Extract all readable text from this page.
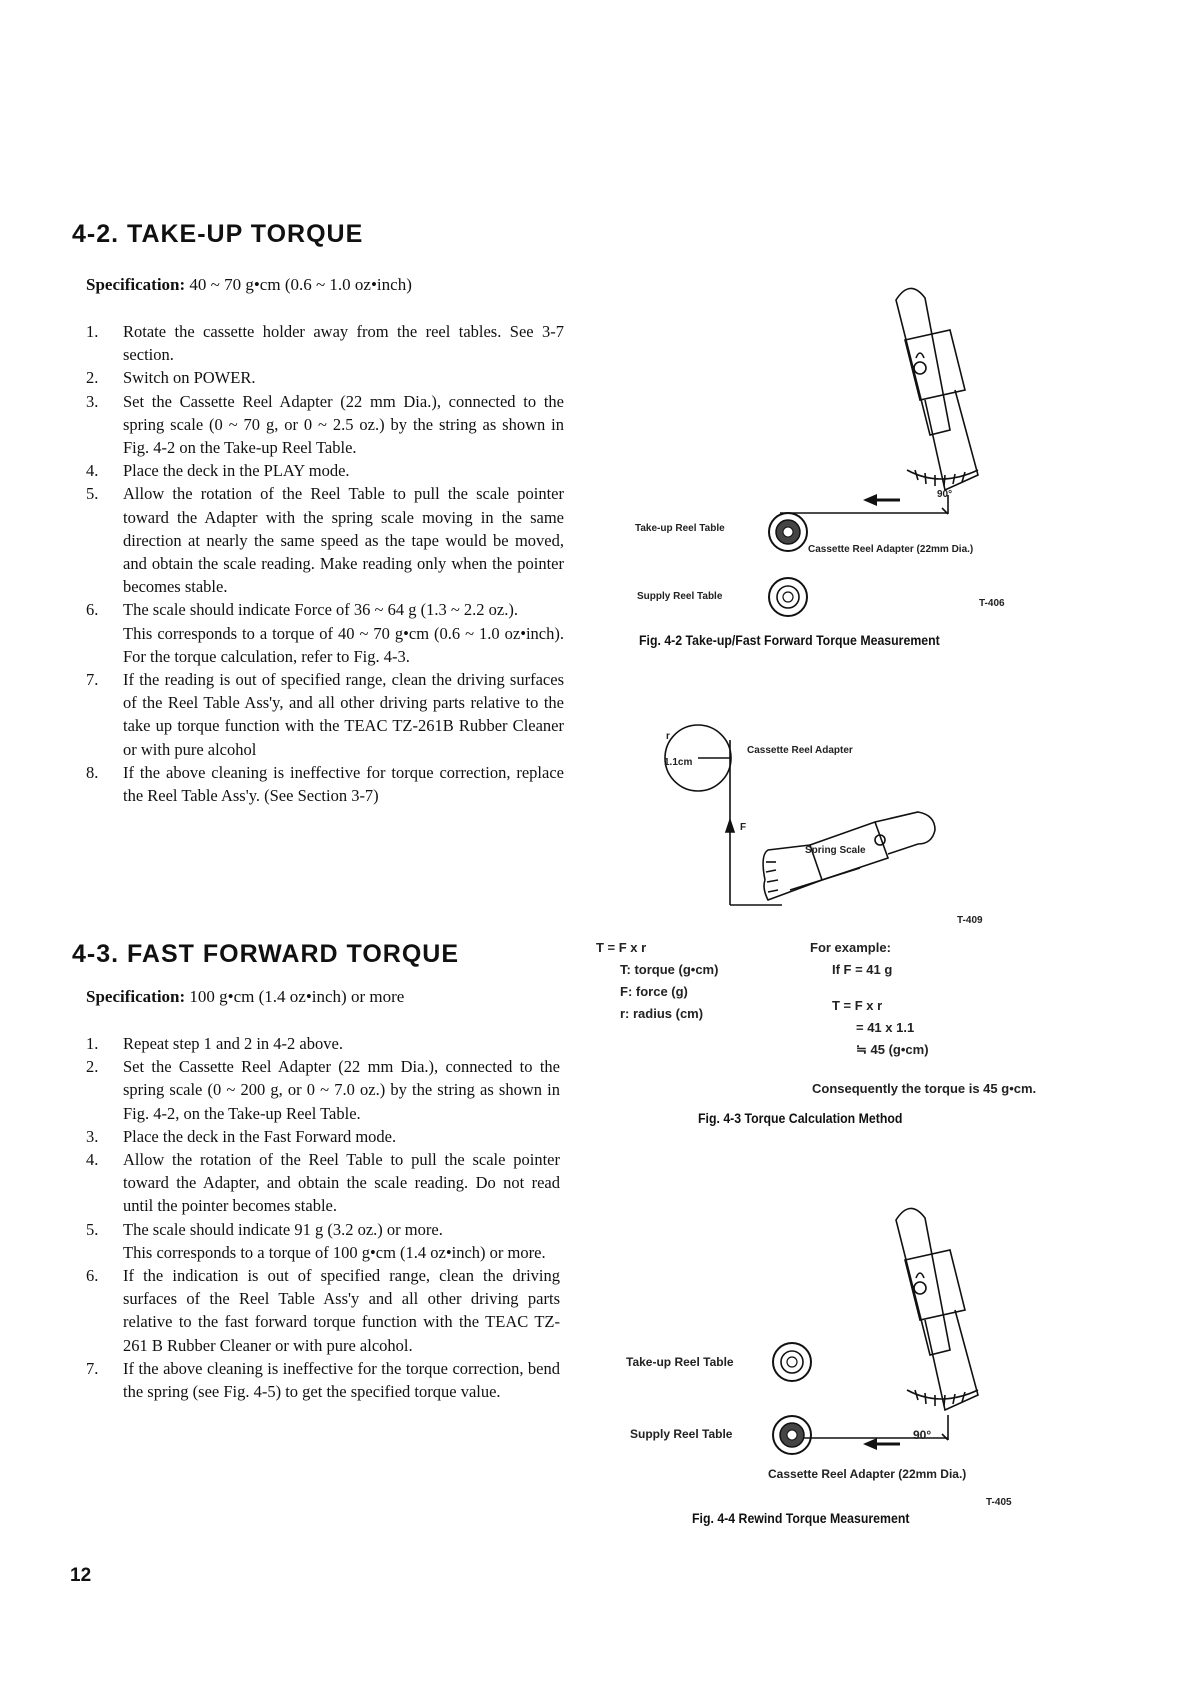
4-2. TAKE-UP TORQUE
Specification: 40 ~ 70 g•cm (0.6 ~ 1.0 oz•inch)
1. Rotate the cassette holder away from the reel tables. See 3-7 section.
2. Switch on POWER.
3. Set the Cassette Reel Adapter (22 mm Dia.), connected to the spring scale (0 ~ 70 g, or 0 ~ 2.5 oz.) by the string as shown in Fig. 4-2 on the Take-up Reel Table.
4. Place the deck in the PLAY mode.
5. Allow the rotation of the Reel Table to pull the scale pointer toward the Adapter with the spring scale moving in the same direction at nearly the same speed as the tape would be moved, and obtain the scale reading. Make reading only when the pointer becomes stable.
6. The scale should indicate Force of 36 ~ 64 g (1.3 ~ 2.2 oz.).
This corresponds to a torque of 40 ~ 70 g•cm (0.6 ~ 1.0 oz•inch). For the torque calculation, refer to Fig. 4-3.
7. If the reading is out of specified range, clean the driving surfaces of the Reel Table Ass'y, and all other driving parts relative to the take up torque function with the TEAC TZ-261B Rubber Cleaner or with pure alcohol
8. If the above cleaning is ineffective for torque correction, replace the Reel Table Ass'y. (See Section 3-7)
4-3. FAST FORWARD TORQUE
Specification: 100 g•cm (1.4 oz•inch) or more
1. Repeat step 1 and 2 in 4-2 above.
2. Set the Cassette Reel Adapter (22 mm Dia.), connected to the spring scale (0 ~ 200 g, or 0 ~ 7.0 oz.) by the string as shown in Fig. 4-2, on the Take-up Reel Table.
3. Place the deck in the Fast Forward mode.
4. Allow the rotation of the Reel Table to pull the scale pointer toward the Adapter, and obtain the scale reading. Do not read until the pointer becomes stable.
5. The scale should indicate 91 g (3.2 oz.) or more.
This corresponds to a torque of 100 g•cm (1.4 oz•inch) or more.
6. If the indication is out of specified range, clean the driving surfaces of the Reel Table Ass'y and all other driving parts relative to the fast forward torque function with the TEAC TZ-261 B Rubber Cleaner or with pure alcohol.
7. If the above cleaning is ineffective for the torque correction, bend the spring (see Fig. 4-5) to get the specified torque value.
90°
Take-up Reel Table
Cassette Reel Adapter (22mm Dia.)
Supply Reel Table
T-406
Fig. 4-2 Take-up/Fast Forward Torque Measurement
r
1.1cm
Cassette Reel Adapter
F
Spring Scale
T-409
T = F x r
T: torque (g•cm)
F: force (g)
r: radius (cm)
For example:
If F = 41 g
T = F x r
= 41 x 1.1
≒ 45 (g•cm)
Consequently the torque is 45 g•cm.
Fig. 4-3 Torque Calculation Method
Take-up Reel Table
Supply Reel Table	90°
Cassette Reel Adapter (22mm Dia.)
T-405
Fig. 4-4 Rewind Torque Measurement
12
